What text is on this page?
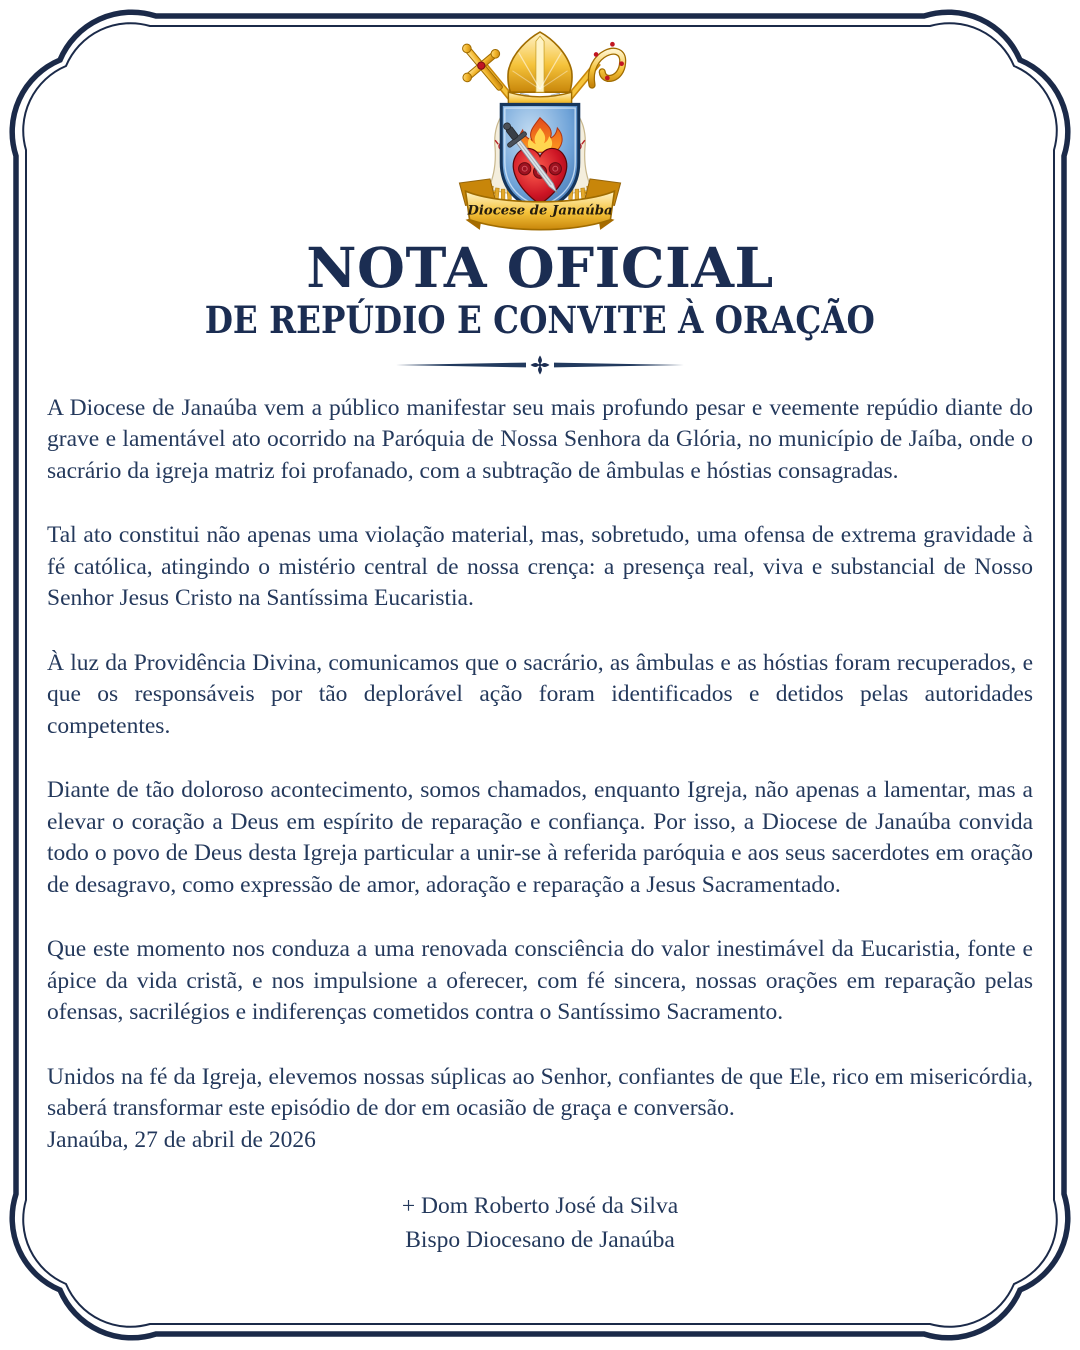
Diocese de Janaúba
NOTA OFICIAL
DE REPÚDIO E CONVITE À ORAÇÃO

A Diocese de Janaúba vem a público manifestar seu mais profundo pesar e veemente repúdio diante do grave e lamentável ato ocorrido na Paróquia de Nossa Senhora da Glória, no município de Jaíba, onde o sacrário da igreja matriz foi profanado, com a subtração de âmbulas e hóstias consagradas.

Tal ato constitui não apenas uma violação material, mas, sobretudo, uma ofensa de extrema gravidade à fé católica, atingindo o mistério central de nossa crença: a presença real, viva e substancial de Nosso Senhor Jesus Cristo na Santíssima Eucaristia.

À luz da Providência Divina, comunicamos que o sacrário, as âmbulas e as hóstias foram recuperados, e que os responsáveis por tão deplorável ação foram identificados e detidos pelas autoridades competentes.

Diante de tão doloroso acontecimento, somos chamados, enquanto Igreja, não apenas a lamentar, mas a elevar o coração a Deus em espírito de reparação e confiança. Por isso, a Diocese de Janaúba convida todo o povo de Deus desta Igreja particular a unir-se à referida paróquia e aos seus sacerdotes em oração de desagravo, como expressão de amor, adoração e reparação a Jesus Sacramentado.

Que este momento nos conduza a uma renovada consciência do valor inestimável da Eucaristia, fonte e ápice da vida cristã, e nos impulsione a oferecer, com fé sincera, nossas orações em reparação pelas ofensas, sacrilégios e indiferenças cometidos contra o Santíssimo Sacramento.

Unidos na fé da Igreja, elevemos nossas súplicas ao Senhor, confiantes de que Ele, rico em misericórdia, saberá transformar este episódio de dor em ocasião de graça e conversão.

Janaúba, 27 de abril de 2026

+ Dom Roberto José da Silva
Bispo Diocesano de Janaúba
